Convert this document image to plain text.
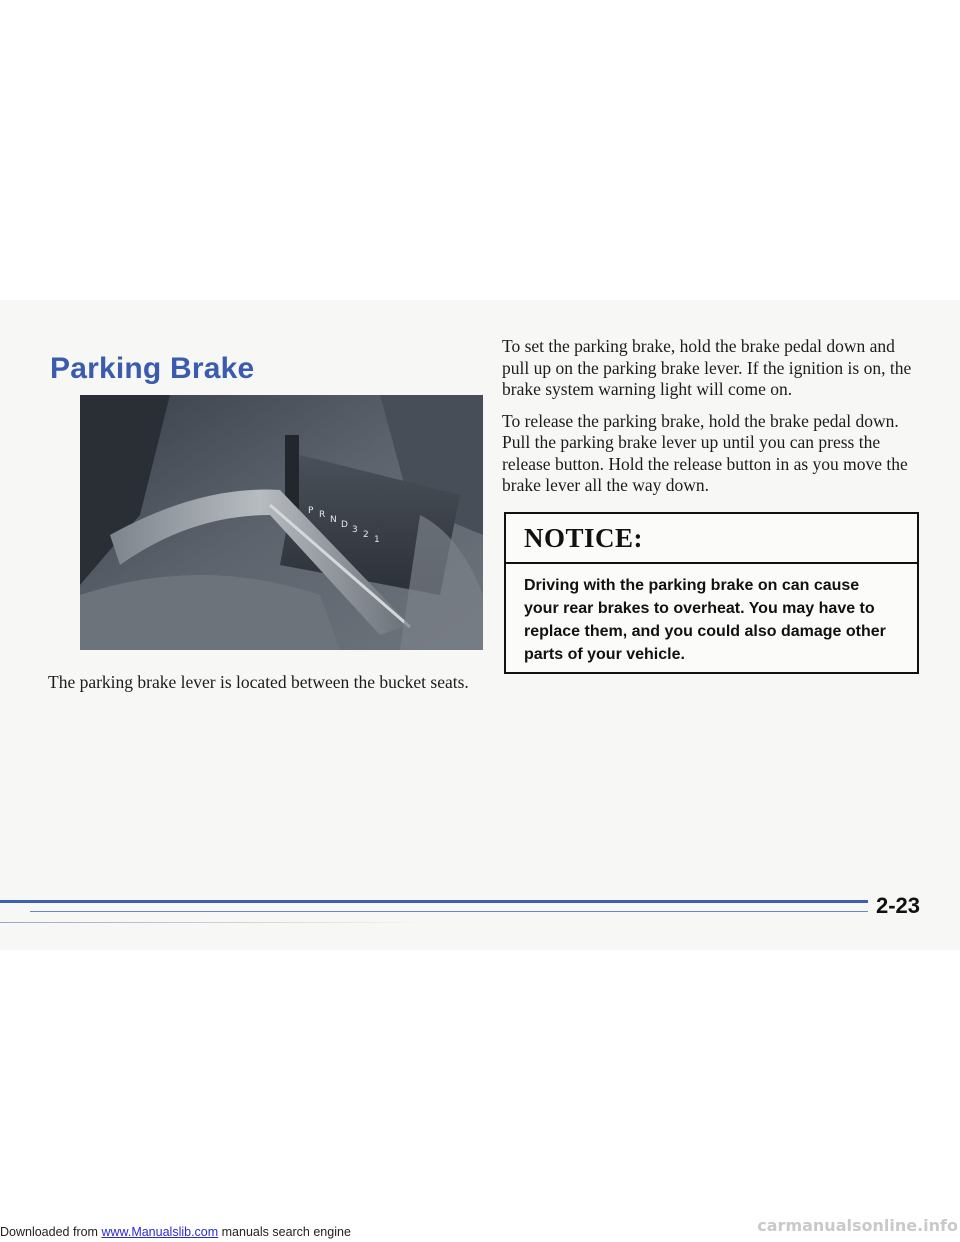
Parking Brake
P R N D 3 2 1

The parking brake lever is located between the bucket seats.

To set the parking brake, hold the brake pedal down and pull up on the parking brake lever. If the ignition is on, the brake system warning light will come on.

To release the parking brake, hold the brake pedal down. Pull the parking brake lever up until you can press the release button. Hold the release button in as you move the brake lever all the way down.

NOTICE:
Driving with the parking brake on can cause
your rear brakes to overheat. You may have to
replace them, and you could also damage other
parts of your vehicle.

2-23

Downloaded from www.Manualslib.com manuals search engine	carmanualsonline.info
